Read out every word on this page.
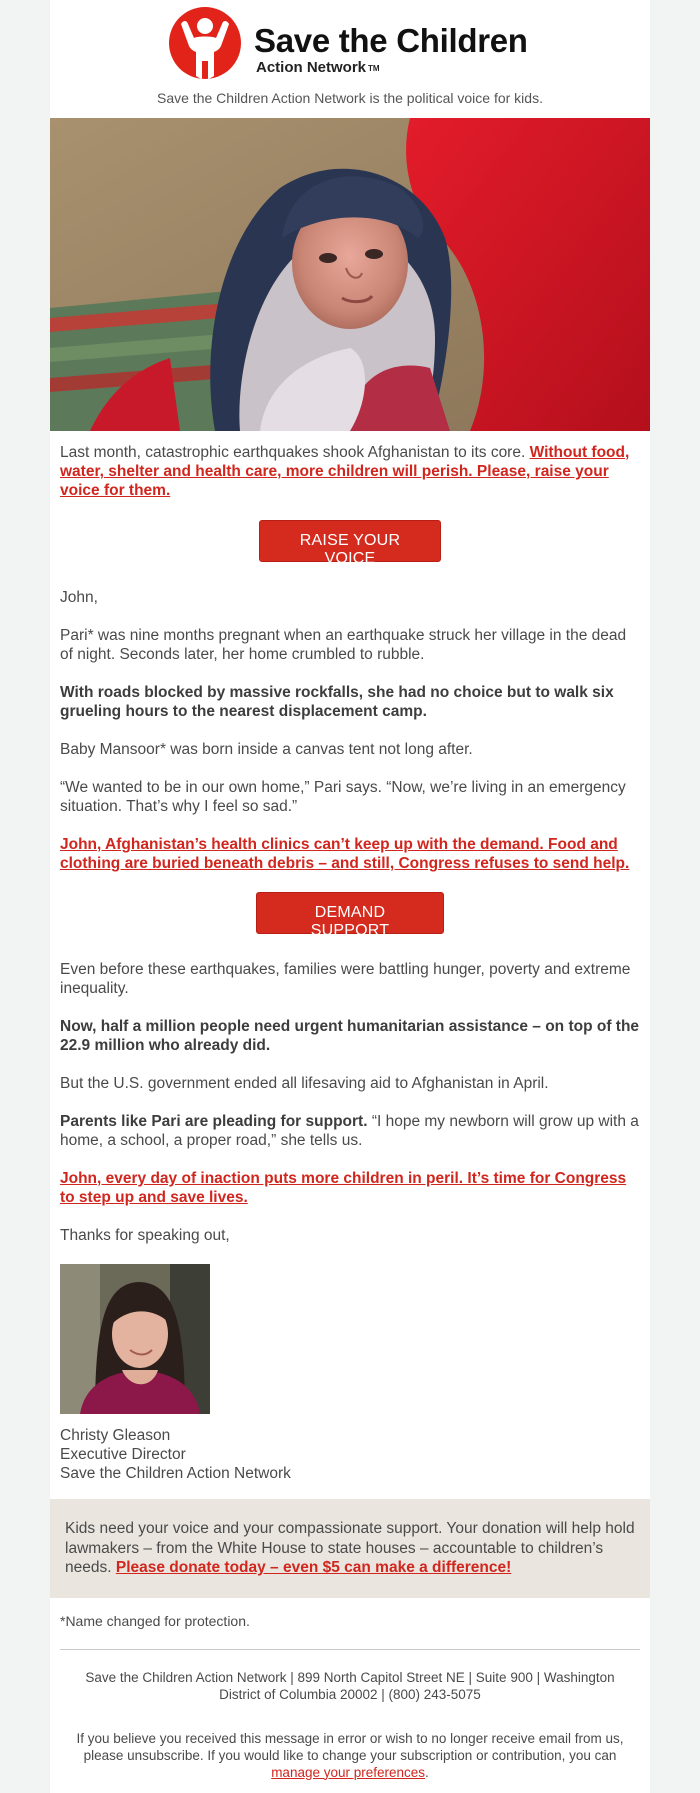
Save the Children
Action Network TM
Save the Children Action Network is the political voice for kids.

Last month, catastrophic earthquakes shook Afghanistan to its core. Without food, water, shelter and health care, more children will perish. Please, raise your voice for them.

RAISE YOUR VOICE

John,

Pari* was nine months pregnant when an earthquake struck her village in the dead of night. Seconds later, her home crumbled to rubble.

With roads blocked by massive rockfalls, she had no choice but to walk six grueling hours to the nearest displacement camp.

Baby Mansoor* was born inside a canvas tent not long after.

“We wanted to be in our own home,” Pari says. “Now, we’re living in an emergency situation. That’s why I feel so sad.”

John, Afghanistan’s health clinics can’t keep up with the demand. Food and clothing are buried beneath debris – and still, Congress refuses to send help.

DEMAND SUPPORT

Even before these earthquakes, families were battling hunger, poverty and extreme inequality.

Now, half a million people need urgent humanitarian assistance – on top of the 22.9 million who already did.

But the U.S. government ended all lifesaving aid to Afghanistan in April.

Parents like Pari are pleading for support. “I hope my newborn will grow up with a home, a school, a proper road,” she tells us.

John, every day of inaction puts more children in peril. It’s time for Congress to step up and save lives.

Thanks for speaking out,

Christy Gleason

Executive Director

Save the Children Action Network

Kids need your voice and your compassionate support. Your donation will help hold lawmakers – from the White House to state houses – accountable to children’s needs. Please donate today – even $5 can make a difference!
*Name changed for protection.

Save the Children Action Network | 899 North Capitol Street NE | Suite 900 | Washington District of Columbia 20002 | (800) 243-5075

If you believe you received this message in error or wish to no longer receive email from us, please unsubscribe. If you would like to change your subscription or contribution, you can manage your preferences.
